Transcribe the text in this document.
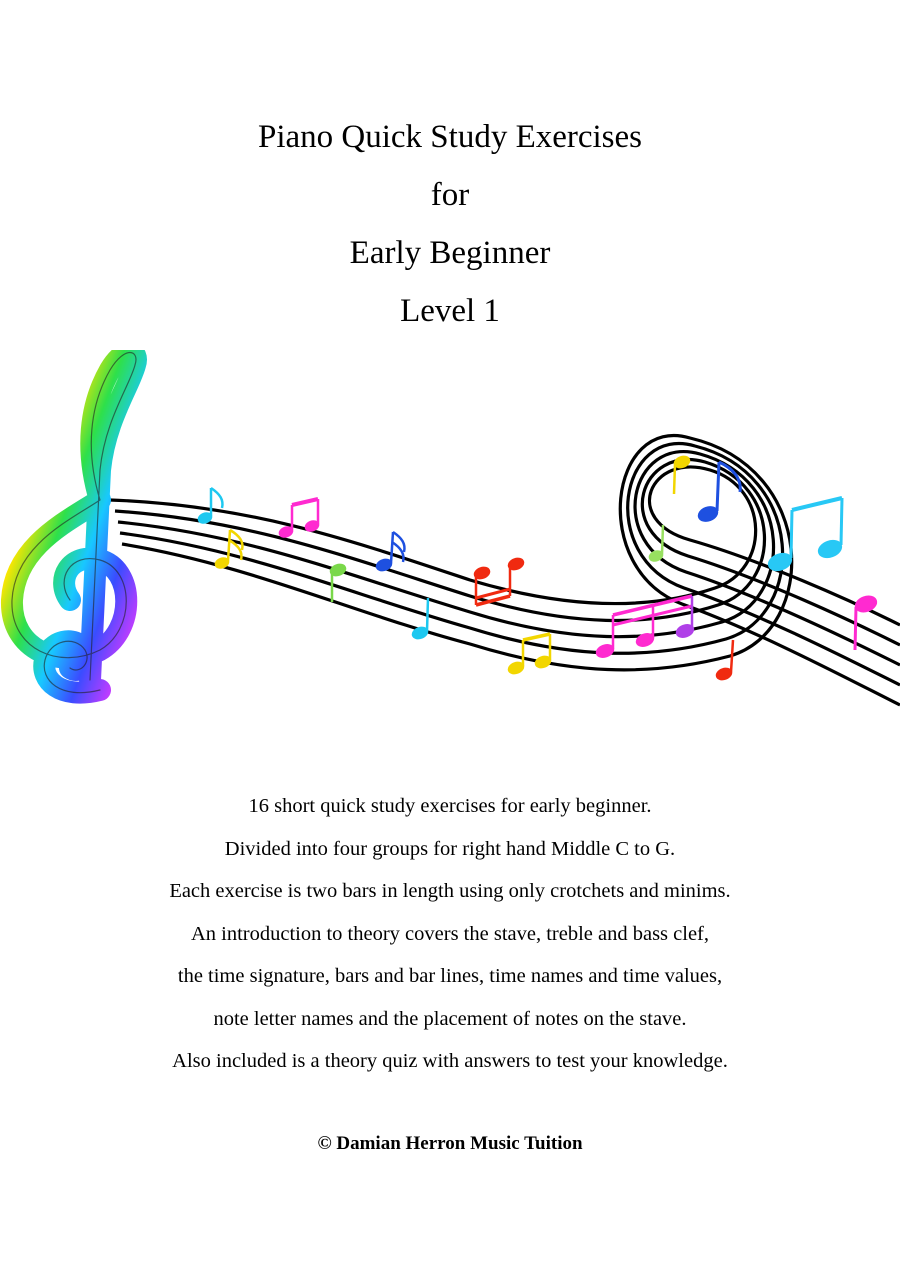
Piano Quick Study Exercises
for
Early Beginner
Level 1
16 short quick study exercises for early beginner.
Divided into four groups for right hand Middle C to G.
Each exercise is two bars in length using only crotchets and minims.
An introduction to theory covers the stave, treble and bass clef,
the time signature, bars and bar lines, time names and time values,
note letter names and the placement of notes on the stave.
Also included is a theory quiz with answers to test your knowledge.
© Damian Herron Music Tuition
